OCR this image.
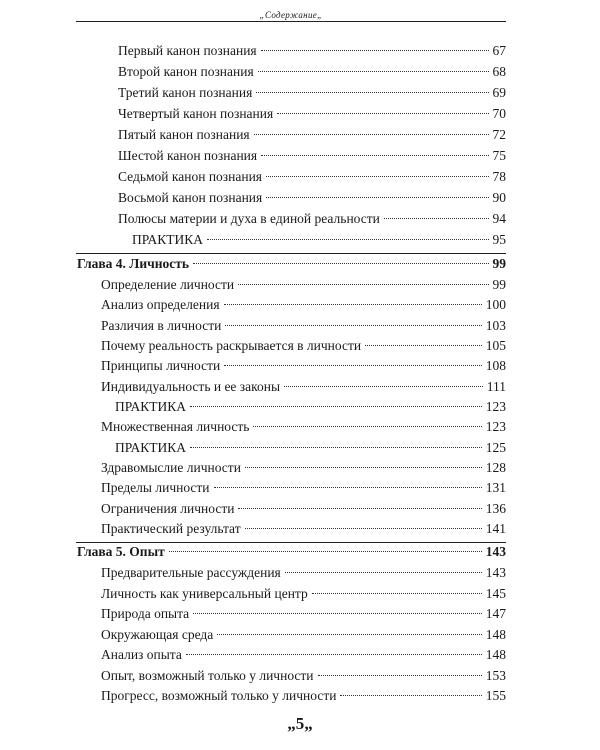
„Содержание„
Первый канон познания	67
Второй канон познания	68
Третий канон познания	69
Четвертый канон познания	70
Пятый канон познания	72
Шестой канон познания	75
Седьмой канон познания	78
Восьмой канон познания	90
Полюсы материи и духа в единой реальности	94
ПРАКТИКА	95
Глава 4. Личность	99
Определение личности	99
Анализ определения	100
Различия в личности	103
Почему реальность раскрывается в личности	105
Принципы личности	108
Индивидуальность и ее законы	111
ПРАКТИКА	123
Множественная личность	123
ПРАКТИКА	125
Здравомыслие личности	128
Пределы личности	131
Ограничения личности	136
Практический результат	141
Глава 5. Опыт	143
Предварительные рассуждения	143
Личность как универсальный центр	145
Природа опыта	147
Окружающая среда	148
Анализ опыта	148
Опыт, возможный только у личности	153
Прогресс, возможный только у личности	155
„5„
